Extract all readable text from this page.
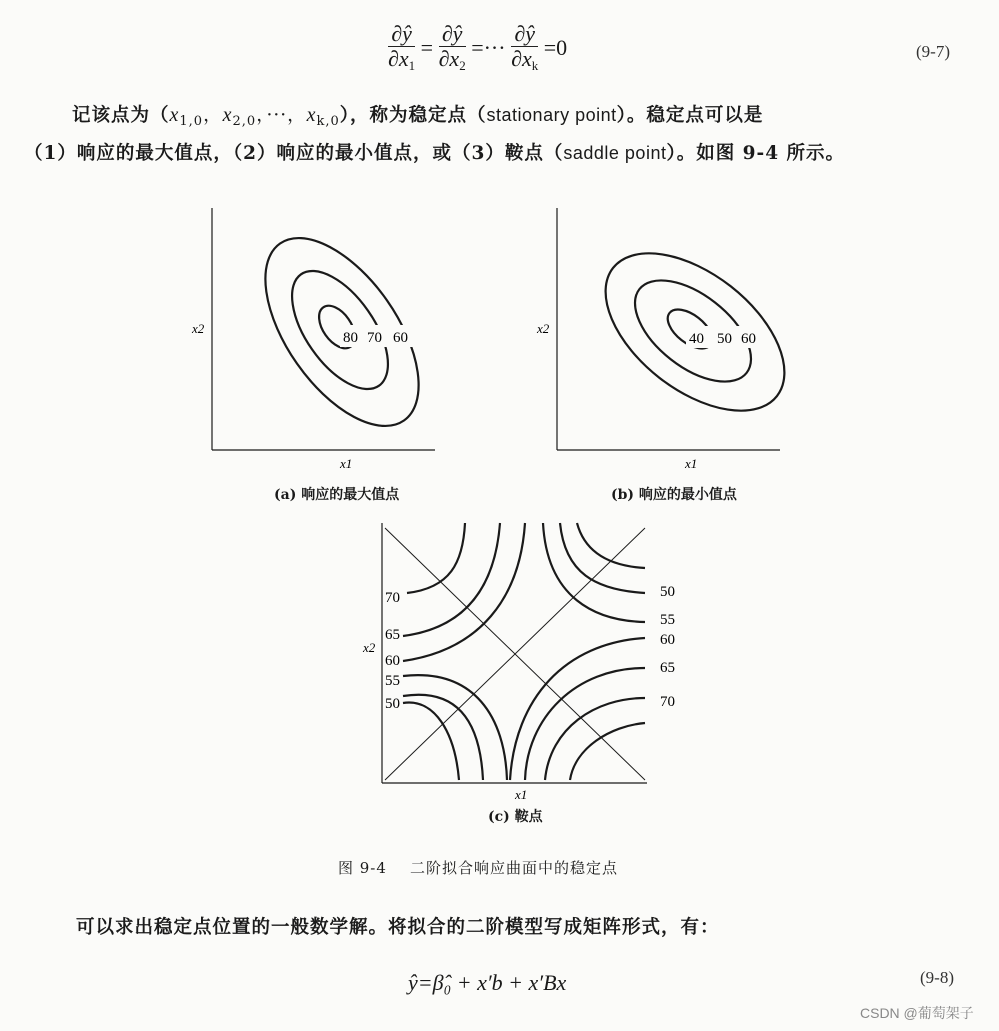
$\frac{\partial ŷ}{\partial x_1} = \frac{\partial ŷ}{\partial x_2}$ =··· $\frac{\partial ŷ}{\partial x_k} =0$	(9-7)
记该点为（$x_{1,0}$，$x_{2,0}$，···，$x_{k,0}$），称为稳定点（stationary point）。稳定点可以是
（1）响应的最大值点，（2）响应的最小值点，或（3）鞍点（saddle point）。如图 9-4 所示。
80 70 60
x2
x1
(a) 响应的最大值点
40 50 60
x2
x1
(b) 响应的最小值点
70
65
60
55
50
50
55
60
65
70
x2
x1
(c) 鞍点
图 9-4    二阶拟合响应曲面中的稳定点
可以求出稳定点位置的一般数学解。将拟合的二阶模型写成矩阵形式，有：
ŷ=β̂₀ + x′b + x′Bx	(9-8)
CSDN @葡萄架子
